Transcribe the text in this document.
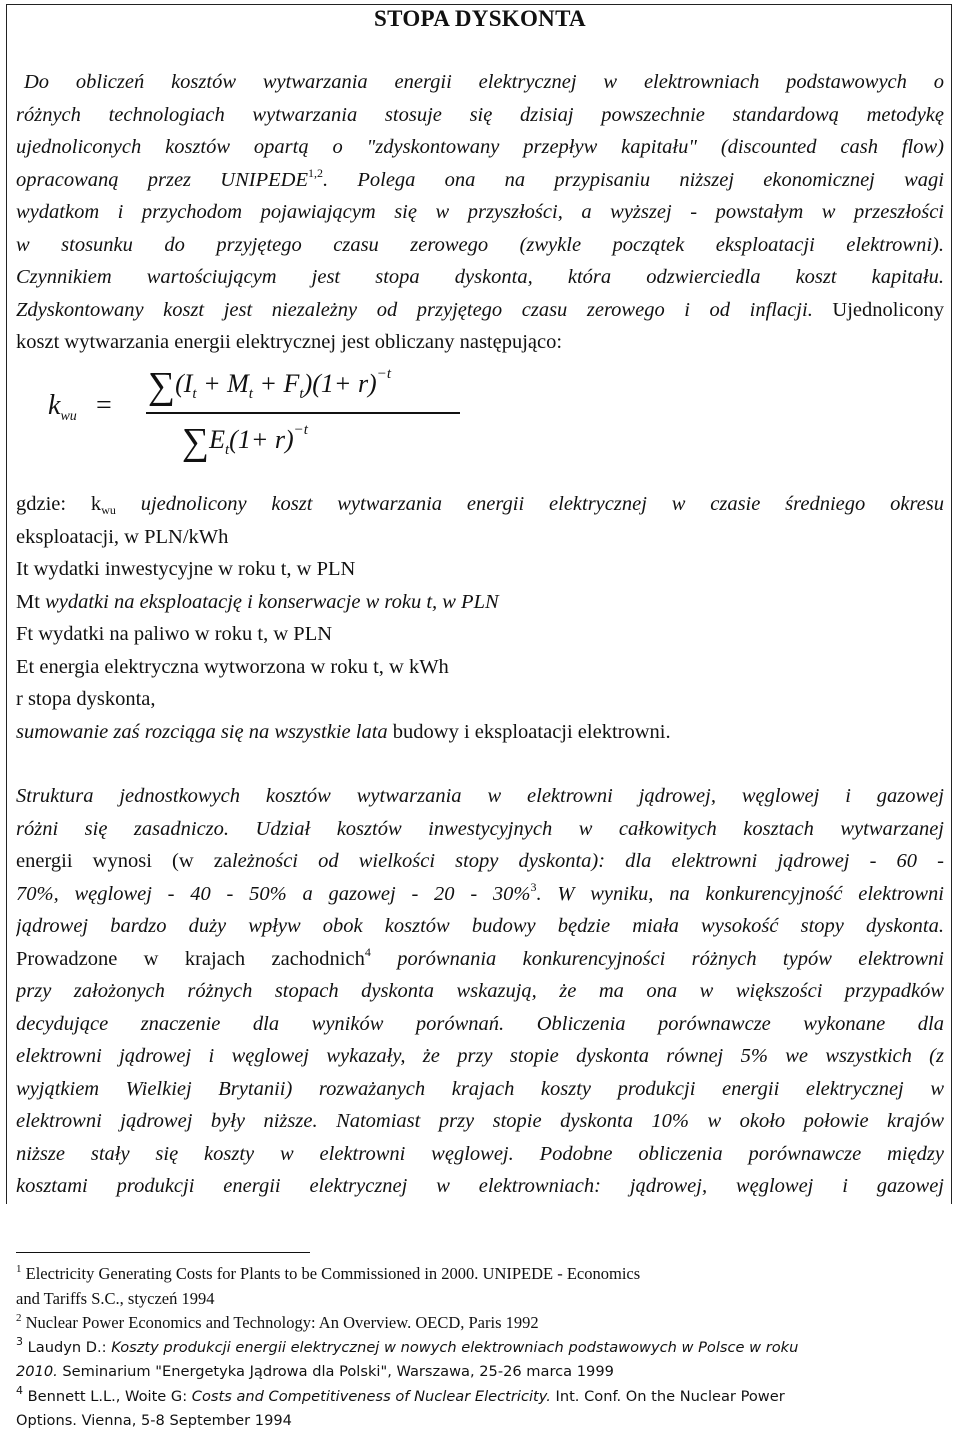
STOPA DYSKONTA
Do obliczeń kosztów wytwarzania energii elektrycznej w elektrowniach podstawowych o
różnych technologiach wytwarzania stosuje się dzisiaj powszechnie standardową metodykę
ujednoliconych kosztów opartą o "zdyskontowany przepływ kapitału" (discounted cash flow)
opracowaną przez UNIPEDE$^{1,2}$. Polega ona na przypisaniu niższej ekonomicznej wagi
wydatkom i przychodom pojawiającym się w przyszłości, a wyższej - powstałym w przeszłości
w stosunku do przyjętego czasu zerowego (zwykle początek eksploatacji elektrowni).
Czynnikiem wartościującym jest stopa dyskonta, która odzwierciedla koszt kapitału.
Zdyskontowany koszt jest niezależny od przyjętego czasu zerowego i od inflacji. Ujednolicony
koszt wytwarzania energii elektrycznej jest obliczany następująco:
$k_{wu} = \sum(I_t + M_t + F_t)(1+ r)^{-t}$
$\sum E_t(1+ r)^{-t}$
gdzie: $k_{wu}$ ujednolicony koszt wytwarzania energii elektrycznej w czasie średniego okresu
eksploatacji, w PLN/kWh
It wydatki inwestycyjne w roku t, w PLN
Mt wydatki na eksploatację i konserwacje w roku t, w PLN
Ft wydatki na paliwo w roku t, w PLN
Et energia elektryczna wytworzona w roku t, w kWh
r stopa dyskonta,
sumowanie zaś rozciąga się na wszystkie lata budowy i eksploatacji elektrowni.
Struktura jednostkowych kosztów wytwarzania w elektrowni jądrowej, węglowej i gazowej
różni się zasadniczo. Udział kosztów inwestycyjnych w całkowitych kosztach wytwarzanej
energii wynosi (w zależności od wielkości stopy dyskonta): dla elektrowni jądrowej - 60 -
70%, węglowej - 40 - 50% a gazowej - 20 - 30%$^3$. W wyniku, na konkurencyjność elektrowni
jądrowej bardzo duży wpływ obok kosztów budowy będzie miała wysokość stopy dyskonta.
Prowadzone w krajach zachodnich$^4$ porównania konkurencyjności różnych typów elektrowni
przy założonych różnych stopach dyskonta wskazują, że ma ona w większości przypadków
decydujące znaczenie dla wyników porównań. Obliczenia porównawcze wykonane dla
elektrowni jądrowej i węglowej wykazały, że przy stopie dyskonta równej 5% we wszystkich (z
wyjątkiem Wielkiej Brytanii) rozważanych krajach koszty produkcji energii elektrycznej w
elektrowni jądrowej były niższe. Natomiast przy stopie dyskonta 10% w około połowie krajów
niższe stały się koszty w elektrowni węglowej. Podobne obliczenia porównawcze między
kosztami produkcji energii elektrycznej w elektrowniach: jądrowej, węglowej i gazowej
$^1$ Electricity Generating Costs for Plants to be Commissioned in 2000. UNIPEDE - Economics
and Tariffs S.C., styczeń 1994
$^2$ Nuclear Power Economics and Technology: An Overview. OECD, Paris 1992
$^3$ Laudyn D.: Koszty produkcji energii elektrycznej w nowych elektrowniach podstawowych w Polsce w roku
2010. Seminarium "Energetyka Jądrowa dla Polski", Warszawa, 25-26 marca 1999
$^4$ Bennett L.L., Woite G: Costs and Competitiveness of Nuclear Electricity. Int. Conf. On the Nuclear Power
Options. Vienna, 5-8 September 1994
